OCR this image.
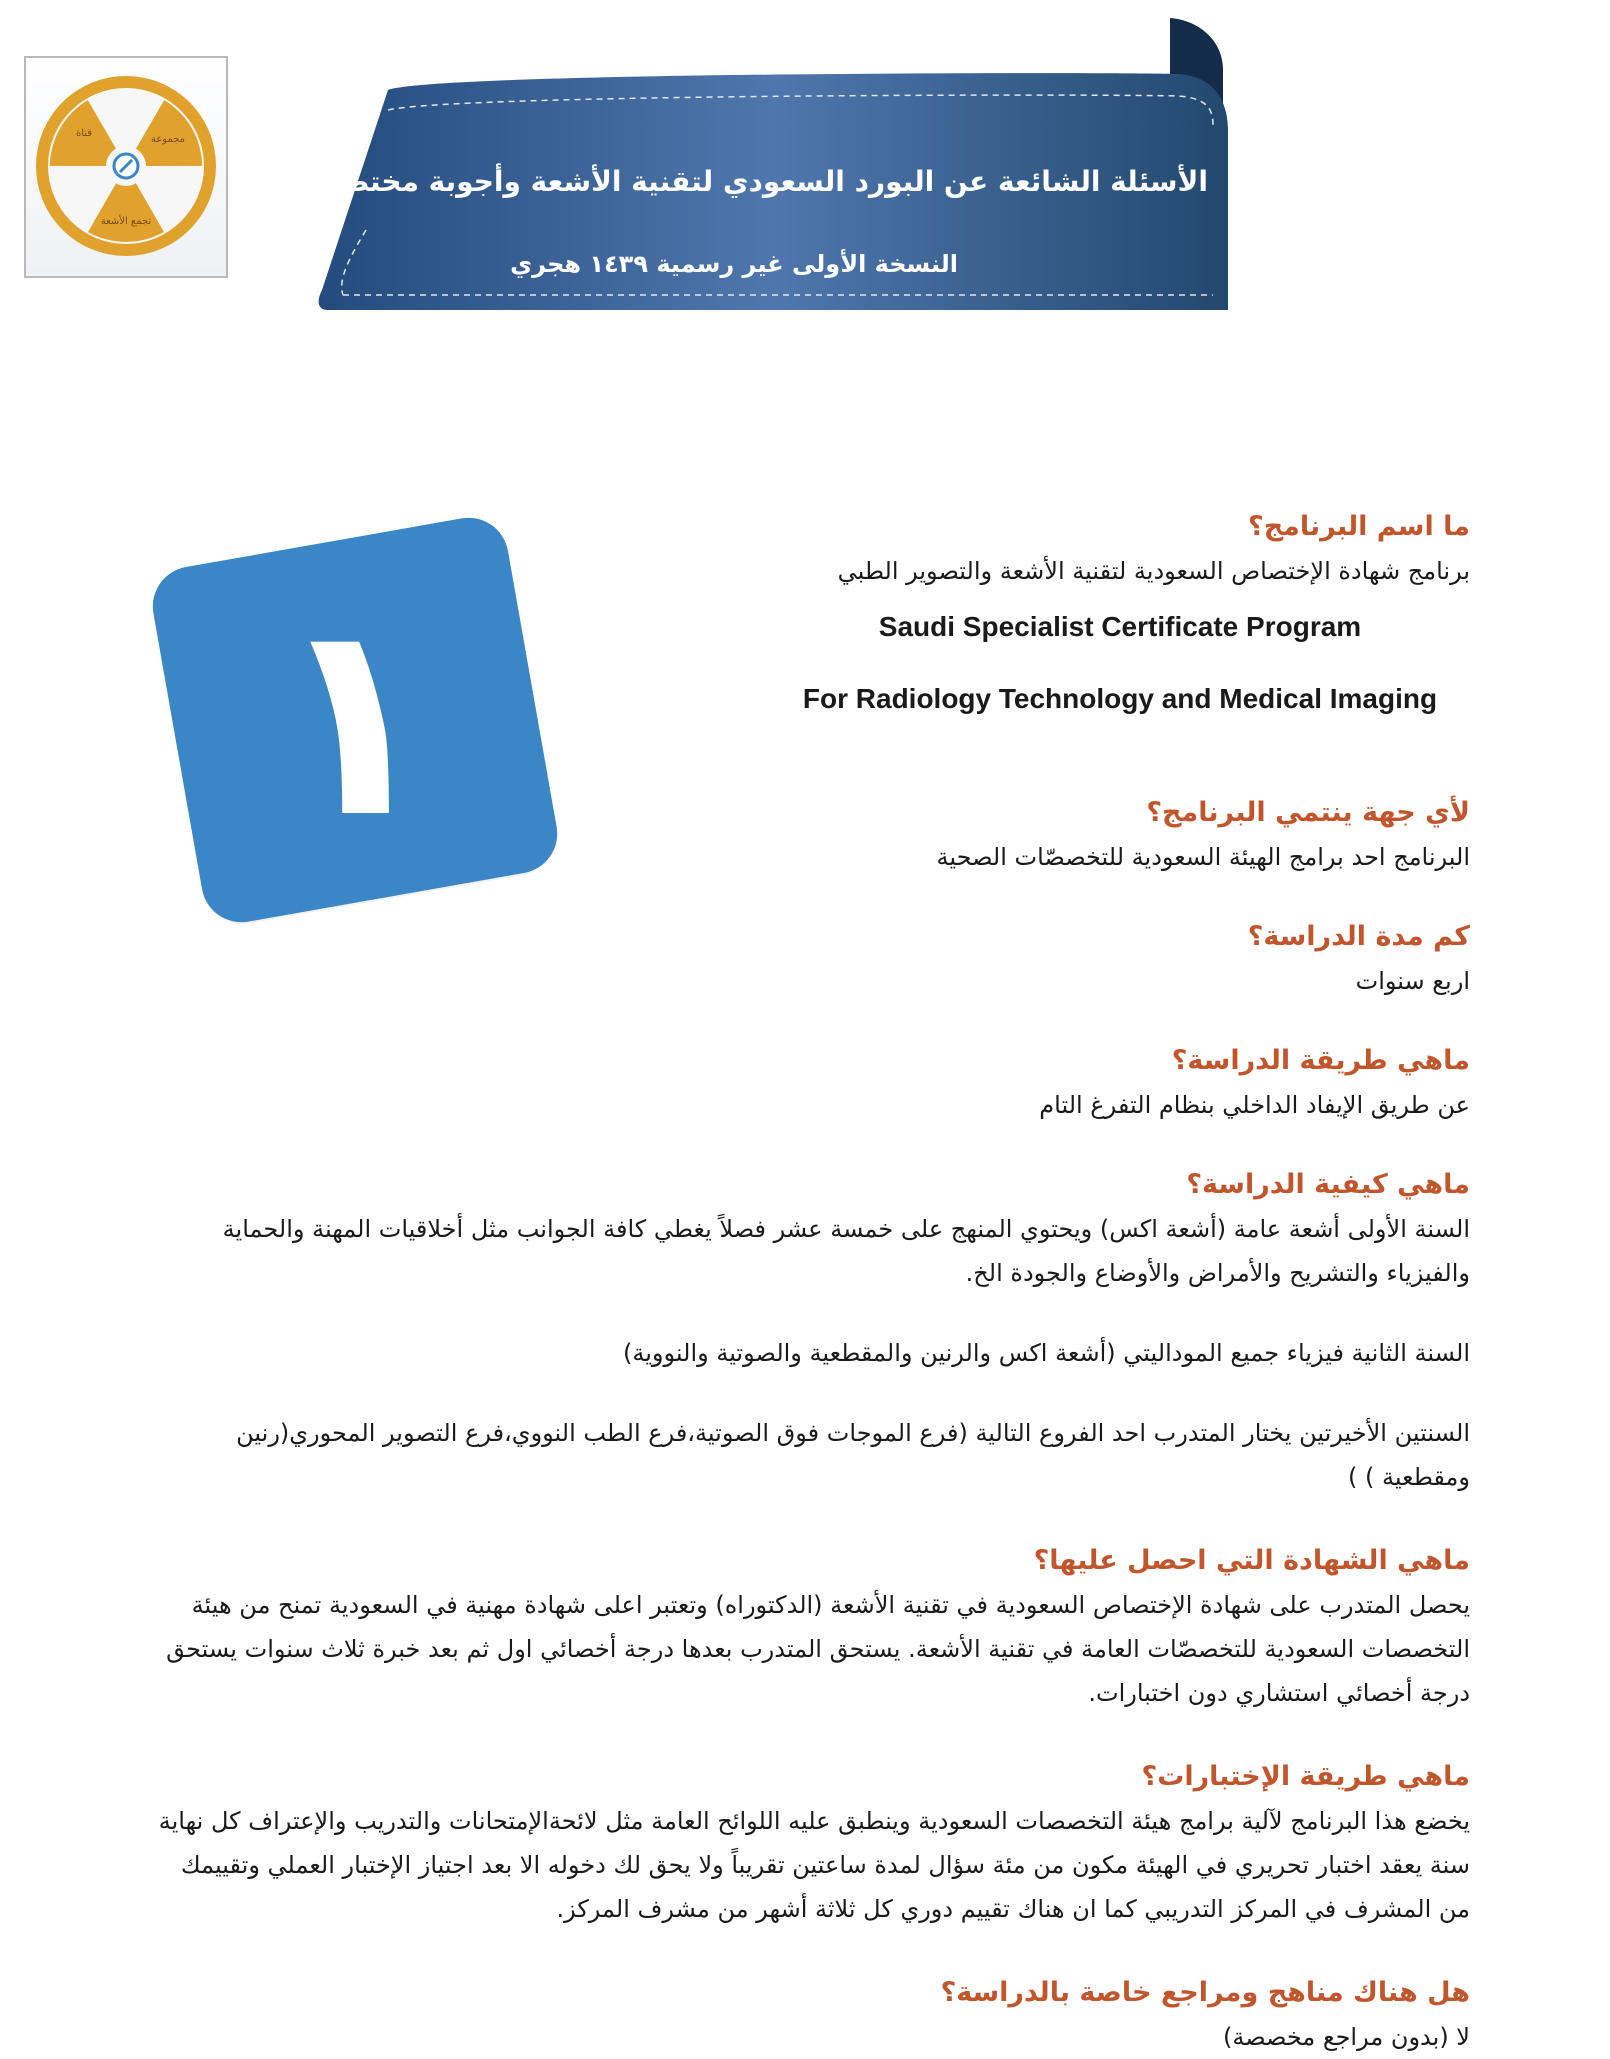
قناة
مجموعة
تجمع الأشعة
الأسئلة الشائعة عن البورد السعودي لتقنية الأشعة وأجوبة مختصرة
النسخة الأولى غير رسمية ١٤٣٩ هجري
١

ما اسم البرنامج؟

برنامج شهادة الإختصاص السعودية لتقنية الأشعة والتصوير الطبي

Saudi Specialist Certificate Program

For Radiology Technology and Medical Imaging

لأي جهة ينتمي البرنامج؟

البرنامج احد برامج الهيئة السعودية للتخصصّات الصحية

كم مدة الدراسة؟

اربع سنوات

ماهي طريقة الدراسة؟

عن طريق الإيفاد الداخلي بنظام التفرغ التام

ماهي كيفية الدراسة؟

السنة الأولى أشعة عامة (أشعة اكس) ويحتوي المنهج على خمسة عشر فصلاً يغطي كافة الجوانب مثل أخلاقيات المهنة والحماية والفيزياء والتشريح والأمراض والأوضاع والجودة الخ.

السنة الثانية فيزياء جميع الموداليتي (أشعة اكس والرنين والمقطعية والصوتية والنووية)

السنتين الأخيرتين يختار المتدرب احد الفروع التالية (فرع الموجات فوق الصوتية،فرع الطب النووي،فرع التصوير المحوري(رنين ومقطعية ) )

ماهي الشهادة التي احصل عليها؟

يحصل المتدرب على شهادة الإختصاص السعودية في تقنية الأشعة (الدكتوراه) وتعتبر اعلى شهادة مهنية في السعودية تمنح من هيئة التخصصات السعودية للتخصصّات العامة في تقنية الأشعة. يستحق المتدرب بعدها درجة أخصائي اول ثم بعد خبرة ثلاث سنوات يستحق درجة أخصائي استشاري دون اختبارات.

ماهي طريقة الإختبارات؟

يخضع هذا البرنامج لآلية برامج هيئة التخصصات السعودية وينطبق عليه اللوائح العامة مثل لائحةالإمتحانات والتدريب والإعتراف كل نهاية سنة يعقد اختبار تحريري في الهيئة مكون من مئة سؤال لمدة ساعتين تقريباً ولا يحق لك دخوله الا بعد اجتياز الإختبار العملي وتقييمك من المشرف في المركز التدريبي كما ان هناك تقييم دوري كل ثلاثة أشهر من مشرف المركز.

هل هناك مناهج ومراجع خاصة بالدراسة؟

لا (بدون مراجع مخصصة)
